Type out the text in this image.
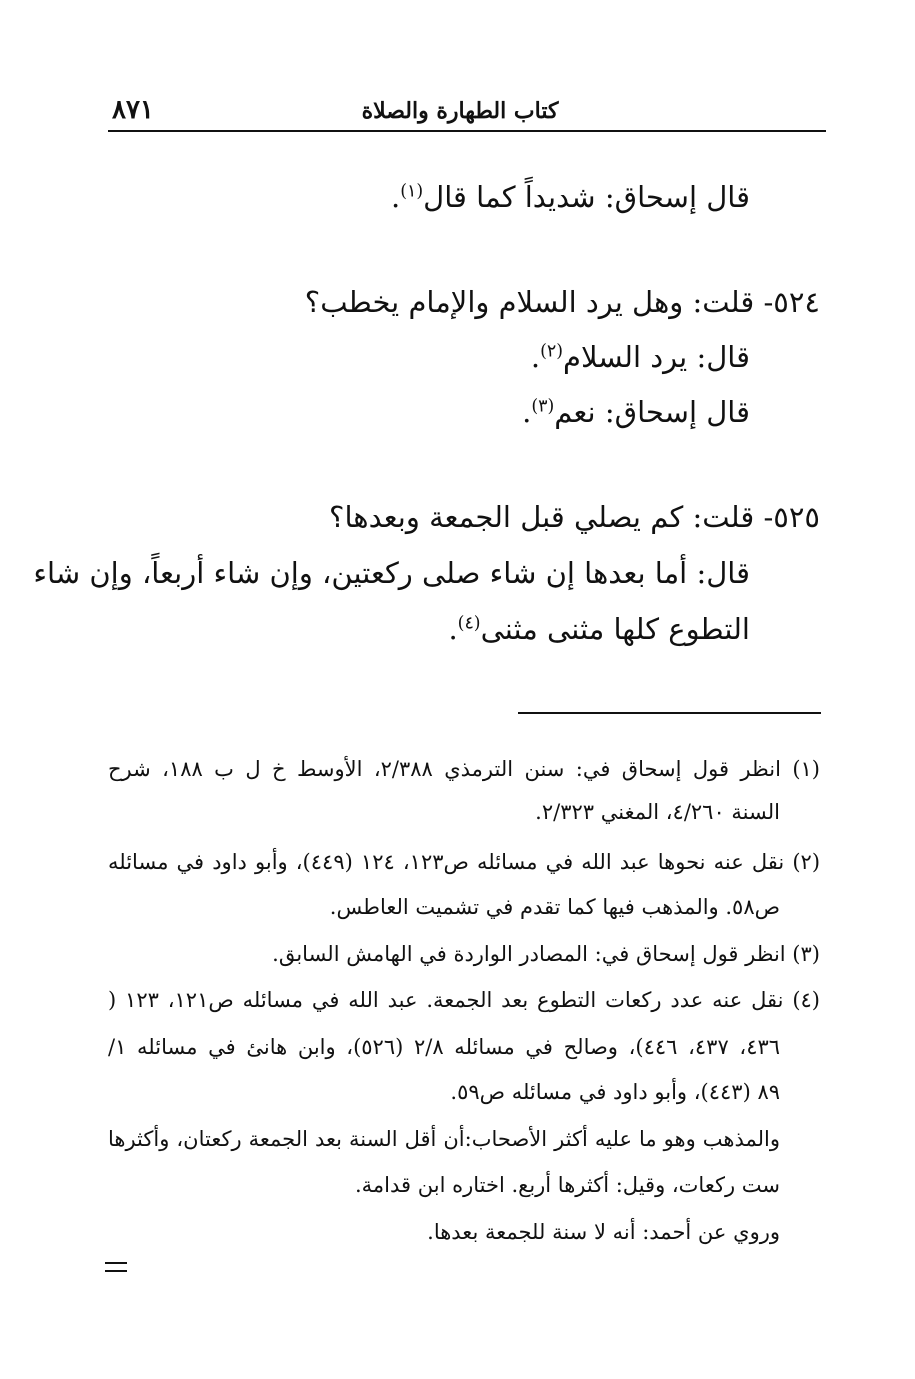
٨٧١	كتاب الطهارة والصلاة
قال إسحاق: شديداً كما قال$^{(١)}$.
٥٢٤- قلت: وهل يرد السلام والإمام يخطب؟
قال: يرد السلام$^{(٢)}$.
قال إسحاق: نعم$^{(٣)}$.
٥٢٥- قلت: كم يصلي قبل الجمعة وبعدها؟
قال: أما بعدها إن شاء صلى ركعتين، وإن شاء أربعاً، وإن شاء
التطوع كلها مثنى مثنى$^{(٤)}$.
(١) انظر قول إسحاق في: سنن الترمذي ٢/٣٨٨، الأوسط خ ل ب ١٨٨، شرح
السنة ٤/٢٦٠، المغني ٢/٣٢٣.
(٢) نقل عنه نحوها عبد الله في مسائله ص١٢٣، ١٢٤ (٤٤٩)، وأبو داود في مسائله
ص٥٨. والمذهب فيها كما تقدم في تشميت العاطس.
(٣) انظر قول إسحاق في: المصادر الواردة في الهامش السابق.
(٤) نقل عنه عدد ركعات التطوع بعد الجمعة. عبد الله في مسائله ص١٢١، ١٢٣ (
٤٣٦، ٤٣٧، ٤٤٦)، وصالح في مسائله ٢/٨ (٥٢٦)، وابن هانئ في مسائله ١/
٨٩ (٤٤٣)، وأبو داود في مسائله ص٥٩.
والمذهب وهو ما عليه أكثر الأصحاب:أن أقل السنة بعد الجمعة ركعتان، وأكثرها
ست ركعات، وقيل: أكثرها أربع. اختاره ابن قدامة.
وروي عن أحمد: أنه لا سنة للجمعة بعدها.
